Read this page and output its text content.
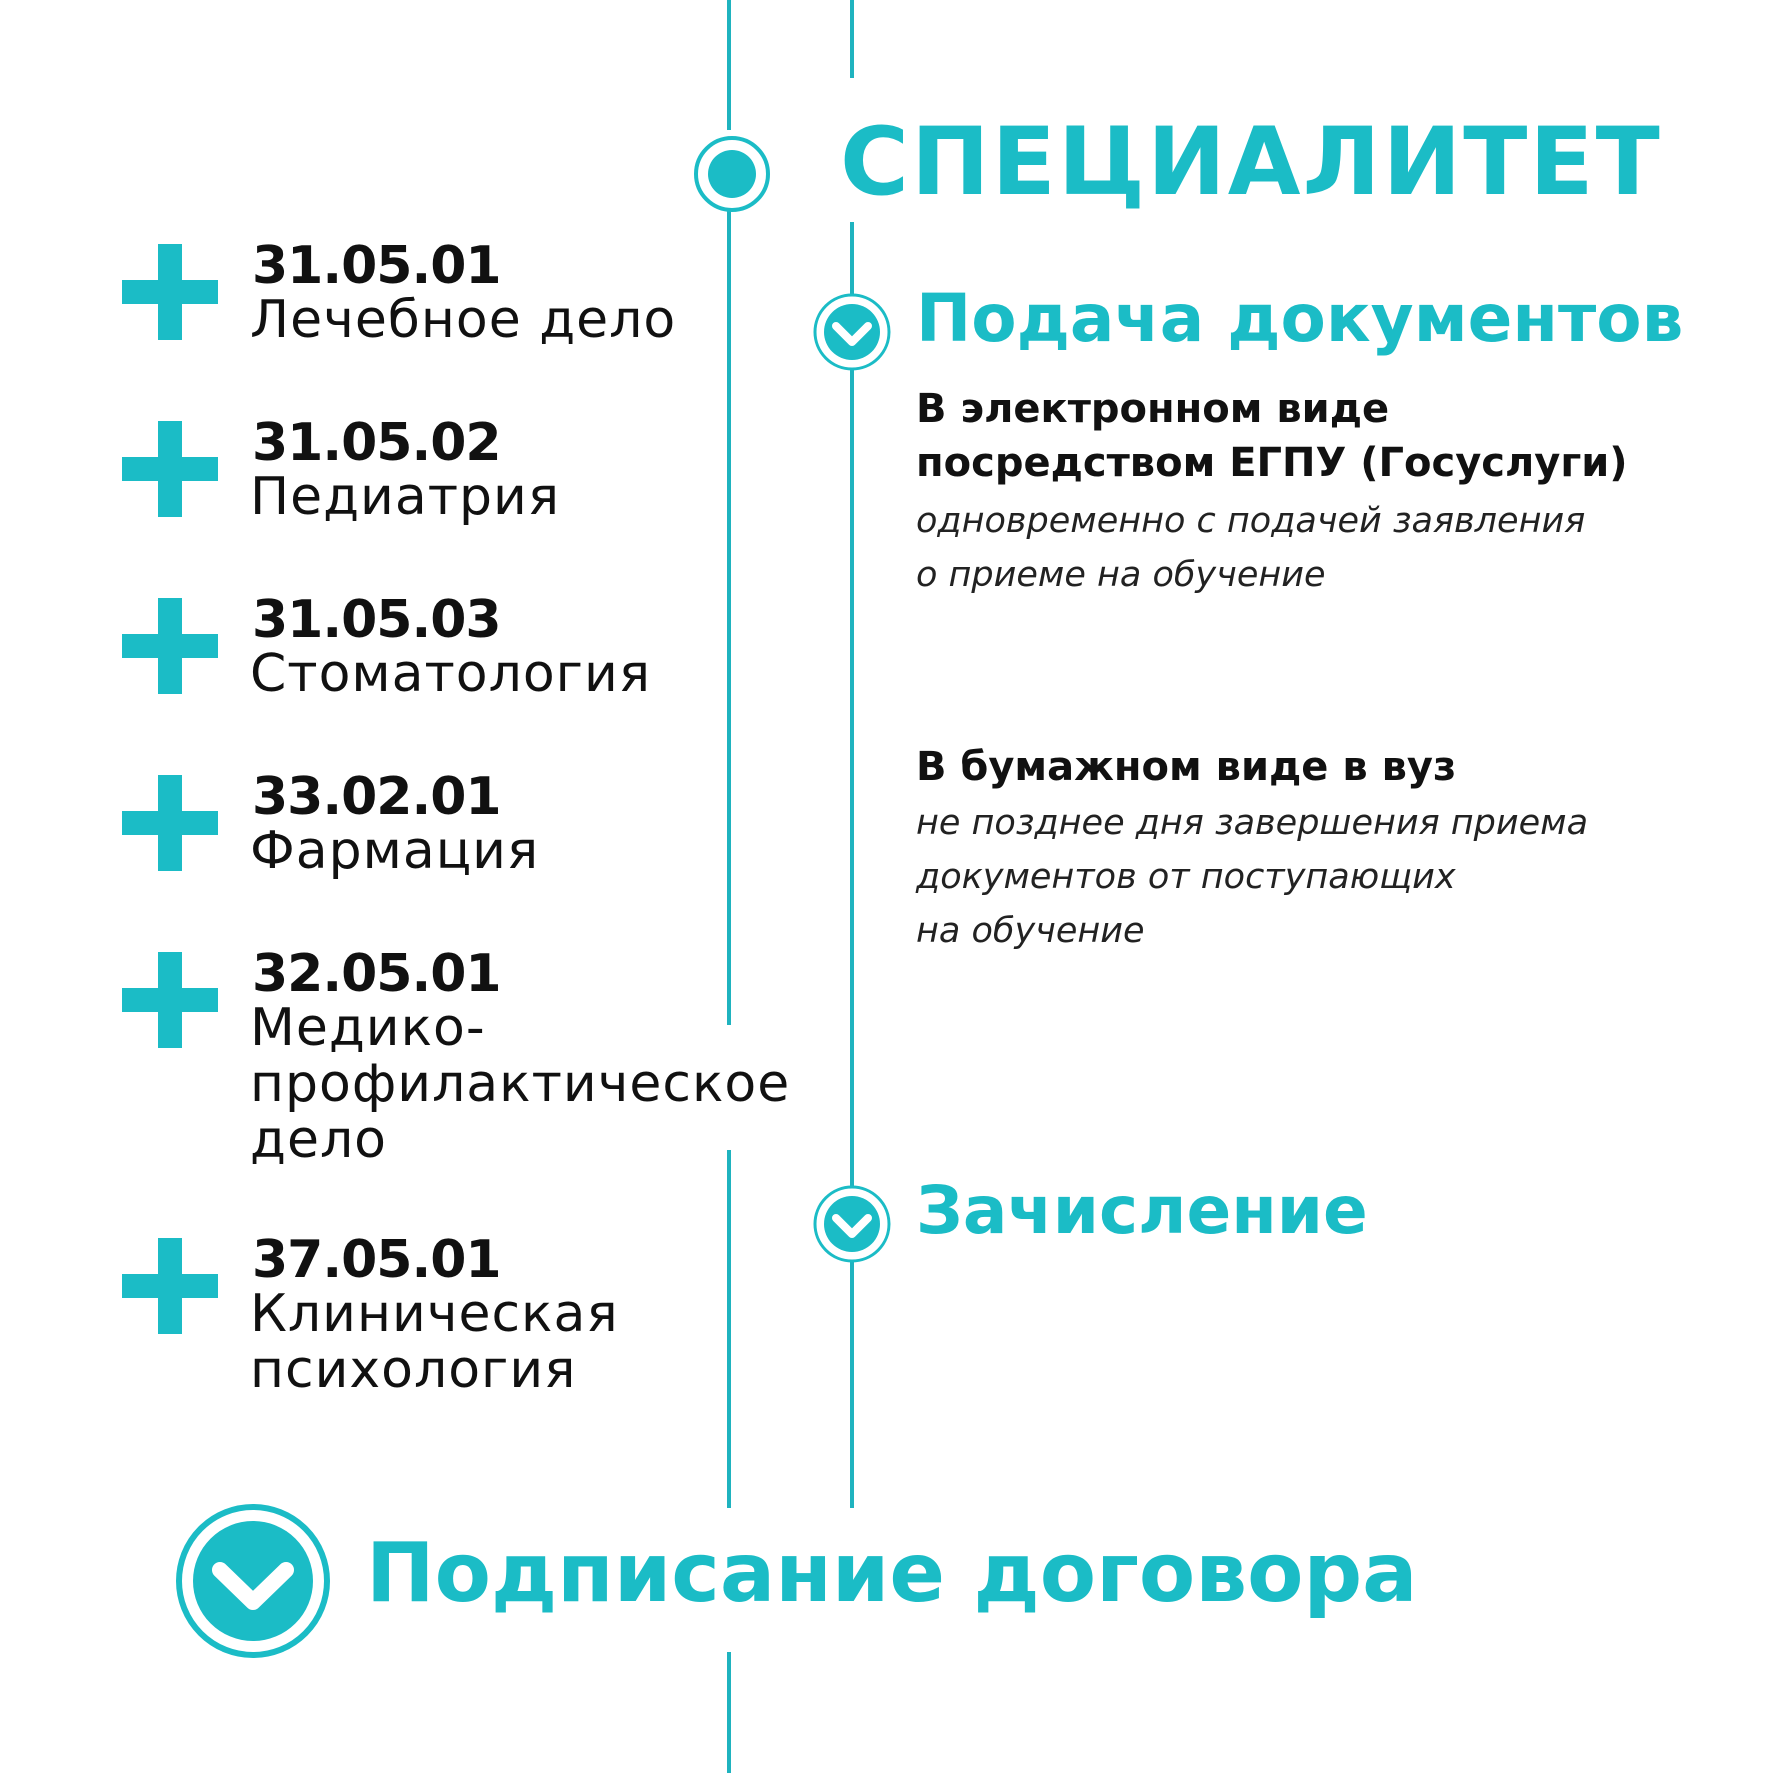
СПЕЦИАЛИТЕТ
31.05.01
Лечебное дело
31.05.02
Педиатрия
31.05.03
Стоматология
33.02.01
Фармация
32.05.01
Медико-
профилактическое
дело
37.05.01
Клиническая
психология
Подача документов
В электронном виде
посредством ЕГПУ (Госуслуги)
одновременно с подачей заявления
о приеме на обучение
В бумажном виде в вуз
не позднее дня завершения приема
документов от поступающих
на обучение
Зачисление
Подписание договора
